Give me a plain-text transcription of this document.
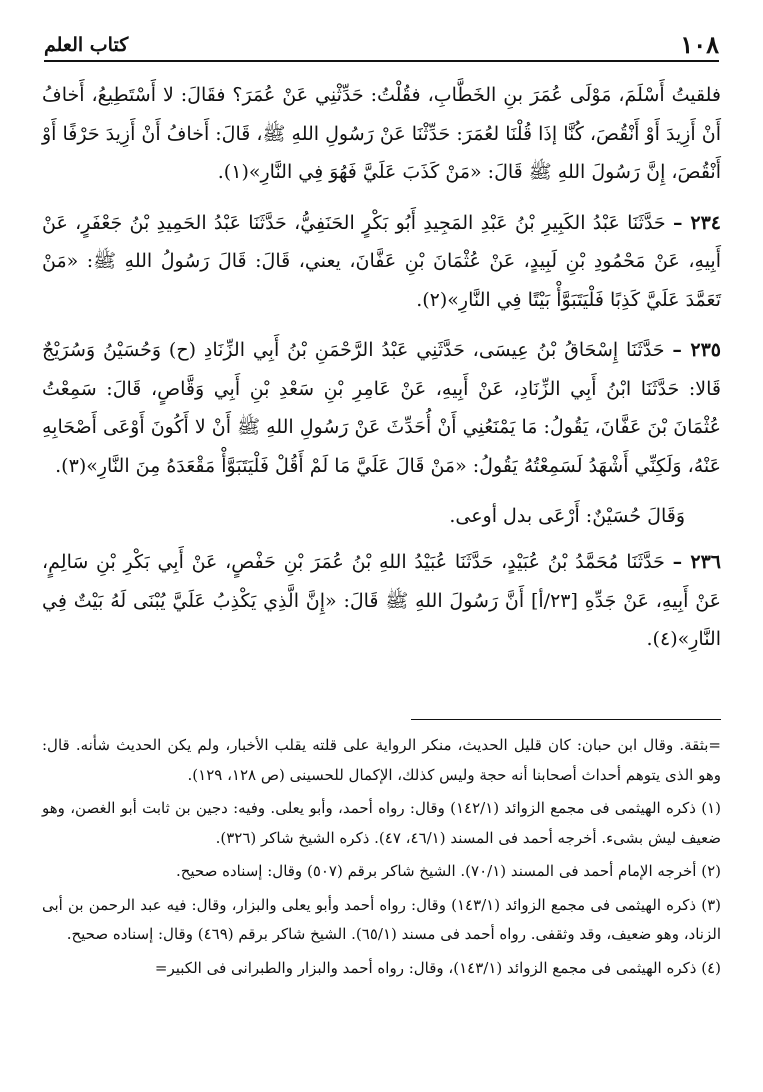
١٠٨
كتاب العلم

فلقيتُ أَسْلَمَ، مَوْلَى عُمَرَ بنِ الخَطَّابِ، فقُلْتُ: حَدِّثْنِي عَنْ عُمَرَ؟ فقَالَ: لا أَسْتَطِيعُ، أَخافُ أَنْ أَزِيدَ أَوْ أَنْقُصَ، كُنَّا إذَا قُلْنَا لعُمَرَ: حَدِّثْنَا عَنْ رَسُولِ اللهِ ﷺ، قَالَ: أَخافُ أَنْ أَزِيدَ حَرْفًا أَوْ أَنْقُصَ، إِنَّ رَسُولَ اللهِ ﷺ قَالَ: «مَنْ كَذَبَ عَلَيَّ فَهُوَ فِي النَّارِ»(١).

٢٣٤ – حَدَّثَنَا عَبْدُ الكَبِيرِ بْنُ عَبْدِ المَجِيدِ أَبُو بَكْرٍ الحَنَفِيُّ، حَدَّثَنَا عَبْدُ الحَمِيدِ بْنُ جَعْفَرٍ، عَنْ أَبِيهِ، عَنْ مَحْمُودِ بْنِ لَبِيدٍ، عَنْ عُثْمَانَ بْنِ عَفَّانَ، يعني، قَالَ: قَالَ رَسُولُ اللهِ ﷺ: «مَنْ تَعَمَّدَ عَلَيَّ كَذِبًا فَلْيَتَبَوَّأْ بَيْتًا فِي النَّارِ»(٢).

٢٣٥ – حَدَّثَنَا إِسْحَاقُ بْنُ عِيسَى، حَدَّثَنِي عَبْدُ الرَّحْمَنِ بْنُ أَبِي الزِّنَادِ (ح) وَحُسَيْنُ وَسُرَيْجٌ قَالا: حَدَّثَنَا ابْنُ أَبِي الزِّنَادِ، عَنْ أَبِيهِ، عَنْ عَامِرِ بْنِ سَعْدِ بْنِ أَبِي وَقَّاصٍ، قَالَ: سَمِعْتُ عُثْمَانَ بْنَ عَفَّانَ، يَقُولُ: مَا يَمْنَعُنِي أَنْ أُحَدِّثَ عَنْ رَسُولِ اللهِ ﷺ أَنْ لا أَكُونَ أَوْعَى أَصْحَابِهِ عَنْهُ، وَلَكِنِّي أَشْهَدُ لَسَمِعْتُهُ يَقُولُ: «مَنْ قَالَ عَلَيَّ مَا لَمْ أَقُلْ فَلْيَتَبَوَّأْ مَقْعَدَهُ مِنَ النَّارِ»(٣).

وَقَالَ حُسَيْنٌ: أَرْعَى بدل أوعى.

٢٣٦ – حَدَّثَنَا مُحَمَّدُ بْنُ عُبَيْدٍ، حَدَّثَنَا عُبَيْدُ اللهِ بْنُ عُمَرَ بْنِ حَفْصٍ، عَنْ أَبِي بَكْرِ بْنِ سَالِمٍ، عَنْ أَبِيهِ، عَنْ جَدِّهِ [٢٣/أ] أَنَّ رَسُولَ اللهِ ﷺ قَالَ: «إِنَّ الَّذِي يَكْذِبُ عَلَيَّ يُبْنَى لَهُ بَيْتٌ فِي النَّارِ»(٤).

=بثقة. وقال ابن حبان: كان قليل الحديث، منكر الرواية على قلته يقلب الأخبار، ولم يكن الحديث شأنه. قال: وهو الذى يتوهم أحداث أصحابنا أنه حجة وليس كذلك، الإكمال للحسينى (ص ١٢٨، ١٢٩).

(١) ذكره الهيثمى فى مجمع الزوائد (١٤٢/١) وقال: رواه أحمد، وأبو يعلى. وفيه: دجين بن ثابت أبو الغصن، وهو ضعيف ليش بشىء. أخرجه أحمد فى المسند (٤٦/١، ٤٧). ذكره الشيخ شاكر (٣٢٦).

(٢) أخرجه الإمام أحمد فى المسند (٧٠/١). الشيخ شاكر برقم (٥٠٧) وقال: إسناده صحيح.

(٣) ذكره الهيثمى فى مجمع الزوائد (١٤٣/١) وقال: رواه أحمد وأبو يعلى والبزار، وقال: فيه عبد الرحمن بن أبى الزناد، وهو ضعيف، وقد وثقفى. رواه أحمد فى مسند (٦٥/١). الشيخ شاكر برقم (٤٦٩) وقال: إسناده صحيح.

(٤) ذكره الهيثمى فى مجمع الزوائد (١٤٣/١)، وقال: رواه أحمد والبزار والطبرانى فى الكبير=
